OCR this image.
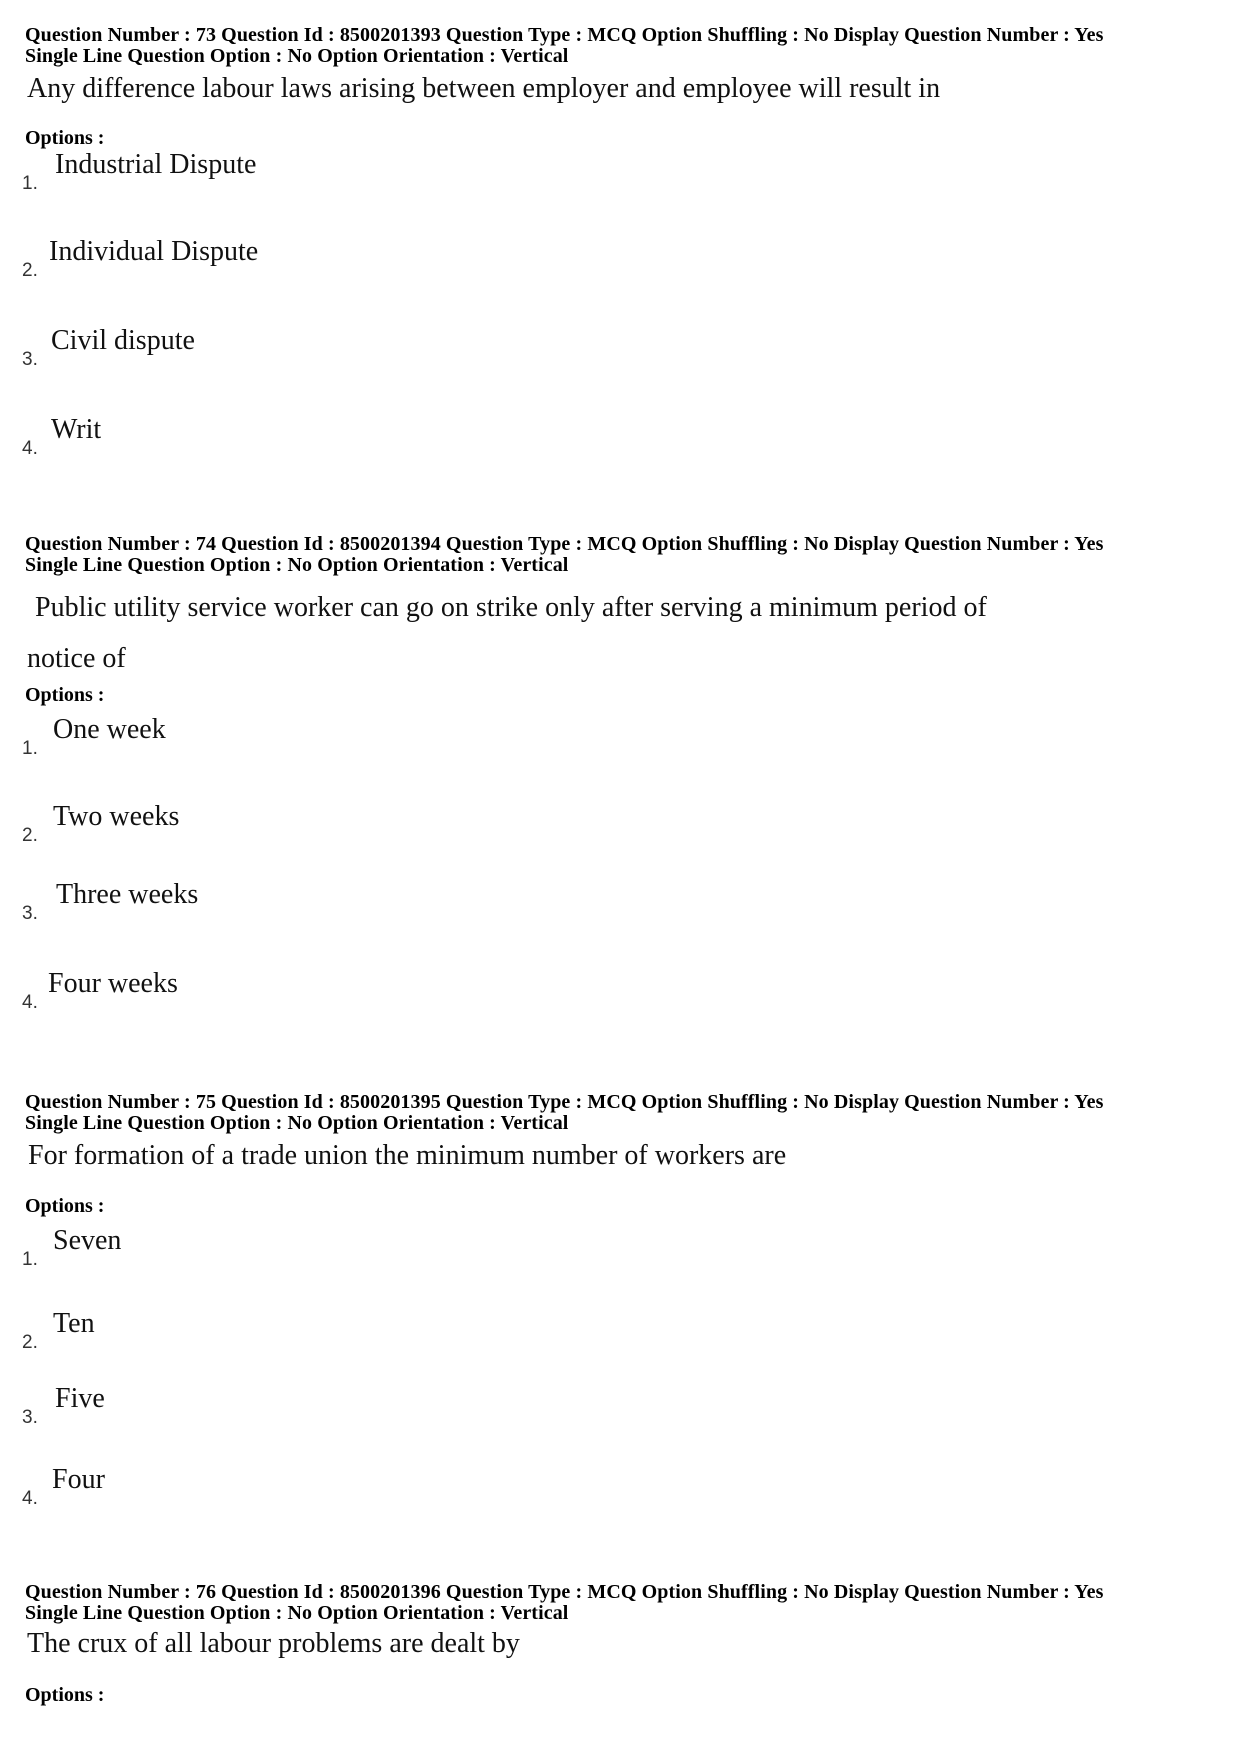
Question Number : 73 Question Id : 8500201393 Question Type : MCQ Option Shuffling : No Display Question Number : Yes
Single Line Question Option : No Option Orientation : Vertical
Any difference labour laws arising between employer and employee will result in
Options :
1.
Industrial Dispute
2.
Individual Dispute
3.
Civil dispute
4.
Writ
Question Number : 74 Question Id : 8500201394 Question Type : MCQ Option Shuffling : No Display Question Number : Yes
Single Line Question Option : No Option Orientation : Vertical
Public utility service worker can go on strike only after serving a minimum period of
notice of
Options :
1.
One week
2.
Two weeks
3.
Three weeks
4.
Four weeks
Question Number : 75 Question Id : 8500201395 Question Type : MCQ Option Shuffling : No Display Question Number : Yes
Single Line Question Option : No Option Orientation : Vertical
For formation of a trade union the minimum number of workers are
Options :
1.
Seven
2.
Ten
3.
Five
4.
Four
Question Number : 76 Question Id : 8500201396 Question Type : MCQ Option Shuffling : No Display Question Number : Yes
Single Line Question Option : No Option Orientation : Vertical
The crux of all labour problems are dealt by
Options :
